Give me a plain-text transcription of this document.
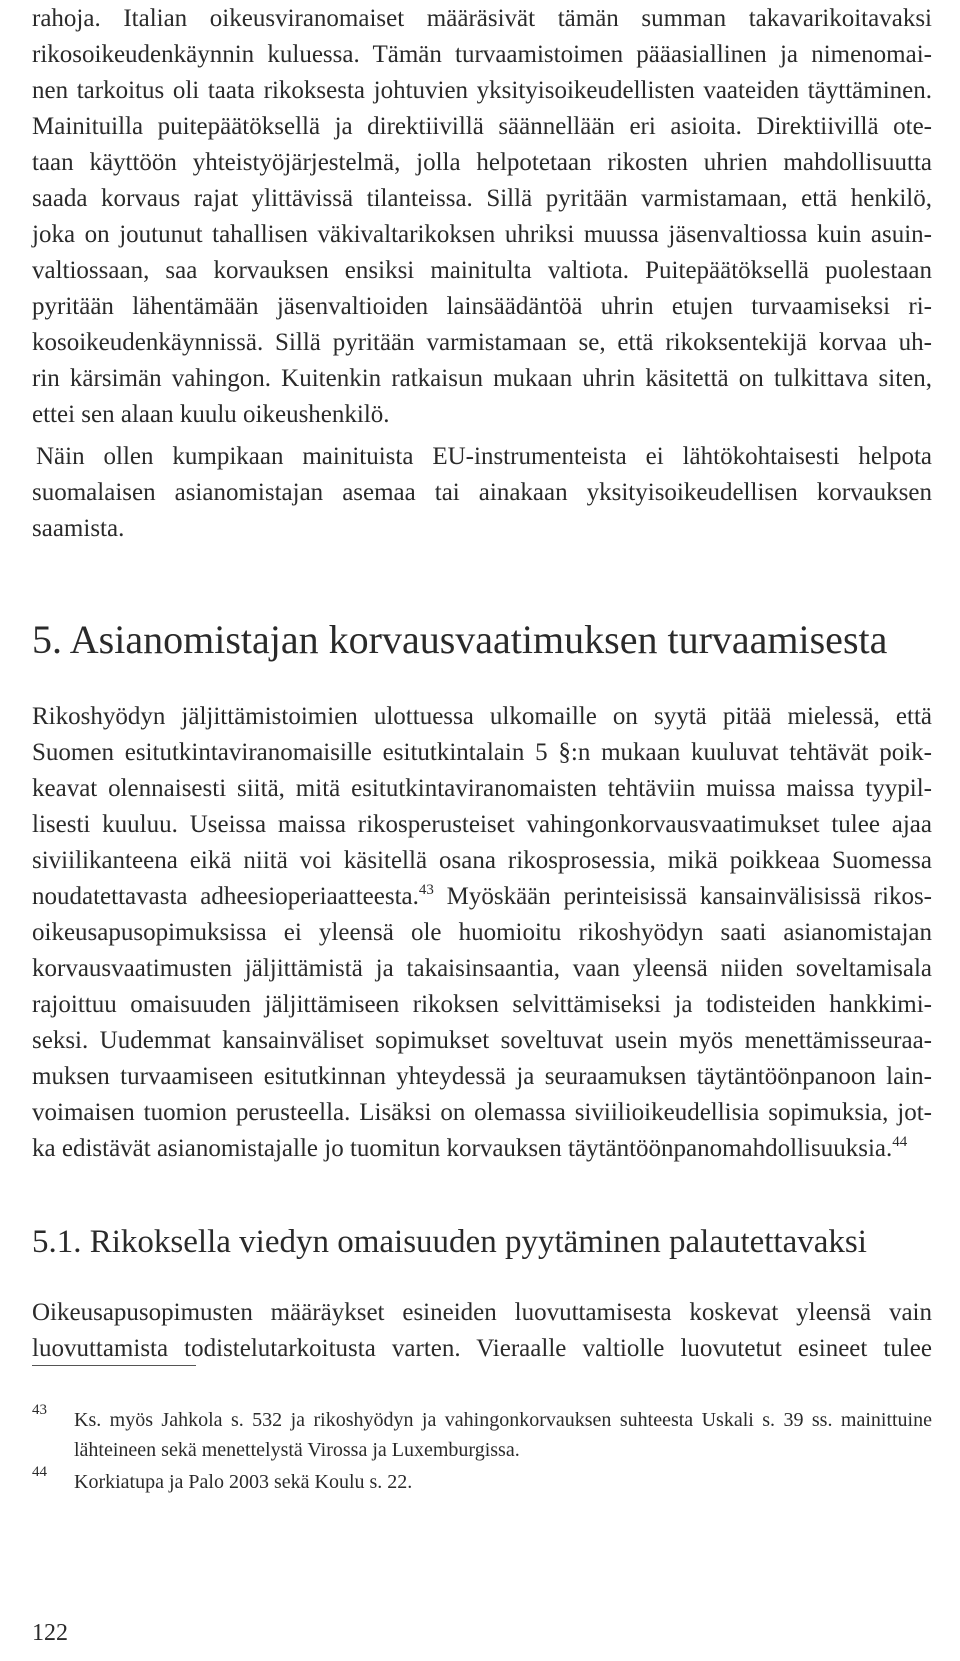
rahoja. Italian oikeusviranomaiset määräsivät tämän summan takavarikoitavaksi
rikosoikeudenkäynnin kuluessa. Tämän turvaamistoimen pääasiallinen ja nimenomai-
nen tarkoitus oli taata rikoksesta johtuvien yksityisoikeudellisten vaateiden täyttäminen.
Mainituilla puitepäätöksellä ja direktiivillä säännellään eri asioita. Direktiivillä ote-
taan käyttöön yhteistyöjärjestelmä, jolla helpotetaan rikosten uhrien mahdollisuutta
saada korvaus rajat ylittävissä tilanteissa. Sillä pyritään varmistamaan, että henkilö,
joka on joutunut tahallisen väkivaltarikoksen uhriksi muussa jäsenvaltiossa kuin asuin-
valtiossaan, saa korvauksen ensiksi mainitulta valtiota. Puitepäätöksellä puolestaan
pyritään lähentämään jäsenvaltioiden lainsäädäntöä uhrin etujen turvaamiseksi ri-
kosoikeudenkäynnissä. Sillä pyritään varmistamaan se, että rikoksentekijä korvaa uh-
rin kärsimän vahingon. Kuitenkin ratkaisun mukaan uhrin käsitettä on tulkittava siten,
ettei sen alaan kuulu oikeushenkilö.
Näin ollen kumpikaan mainituista EU-instrumenteista ei lähtökohtaisesti helpota
suomalaisen asianomistajan asemaa tai ainakaan yksityisoikeudellisen korvauksen
saamista.
5. Asianomistajan korvausvaatimuksen turvaamisesta
Rikoshyödyn jäljittämistoimien ulottuessa ulkomaille on syytä pitää mielessä, että
Suomen esitutkintaviranomaisille esitutkintalain 5 §:n mukaan kuuluvat tehtävät poik-
keavat olennaisesti siitä, mitä esitutkintaviranomaisten tehtäviin muissa maissa tyypil-
lisesti kuuluu. Useissa maissa rikosperusteiset vahingonkorvausvaatimukset tulee ajaa
siviilikanteena eikä niitä voi käsitellä osana rikosprosessia, mikä poikkeaa Suomessa
noudatettavasta adheesioperiaatteesta.$^{43}$ Myöskään perinteisissä kansainvälisissä rikos-
oikeusapusopimuksissa ei yleensä ole huomioitu rikoshyödyn saati asianomistajan
korvausvaatimusten jäljittämistä ja takaisinsaantia, vaan yleensä niiden soveltamisala
rajoittuu omaisuuden jäljittämiseen rikoksen selvittämiseksi ja todisteiden hankkimi-
seksi. Uudemmat kansainväliset sopimukset soveltuvat usein myös menettämisseuraa-
muksen turvaamiseen esitutkinnan yhteydessä ja seuraamuksen täytäntöönpanoon lain-
voimaisen tuomion perusteella. Lisäksi on olemassa siviilioikeudellisia sopimuksia, jot-
ka edistävät asianomistajalle jo tuomitun korvauksen täytäntöönpanomahdollisuuksia.$^{44}$
5.1. Rikoksella viedyn omaisuuden pyytäminen palautettavaksi
Oikeusapusopimusten määräykset esineiden luovuttamisesta koskevat yleensä vain
luovuttamista todistelutarkoitusta varten. Vieraalle valtiolle luovutetut esineet tulee
43 Ks. myös Jahkola s. 532 ja rikoshyödyn ja vahingonkorvauksen suhteesta Uskali s. 39 ss. mainittuine
lähteineen sekä menettelystä Virossa ja Luxemburgissa.
44 Korkiatupa ja Palo 2003 sekä Koulu s. 22.
122
